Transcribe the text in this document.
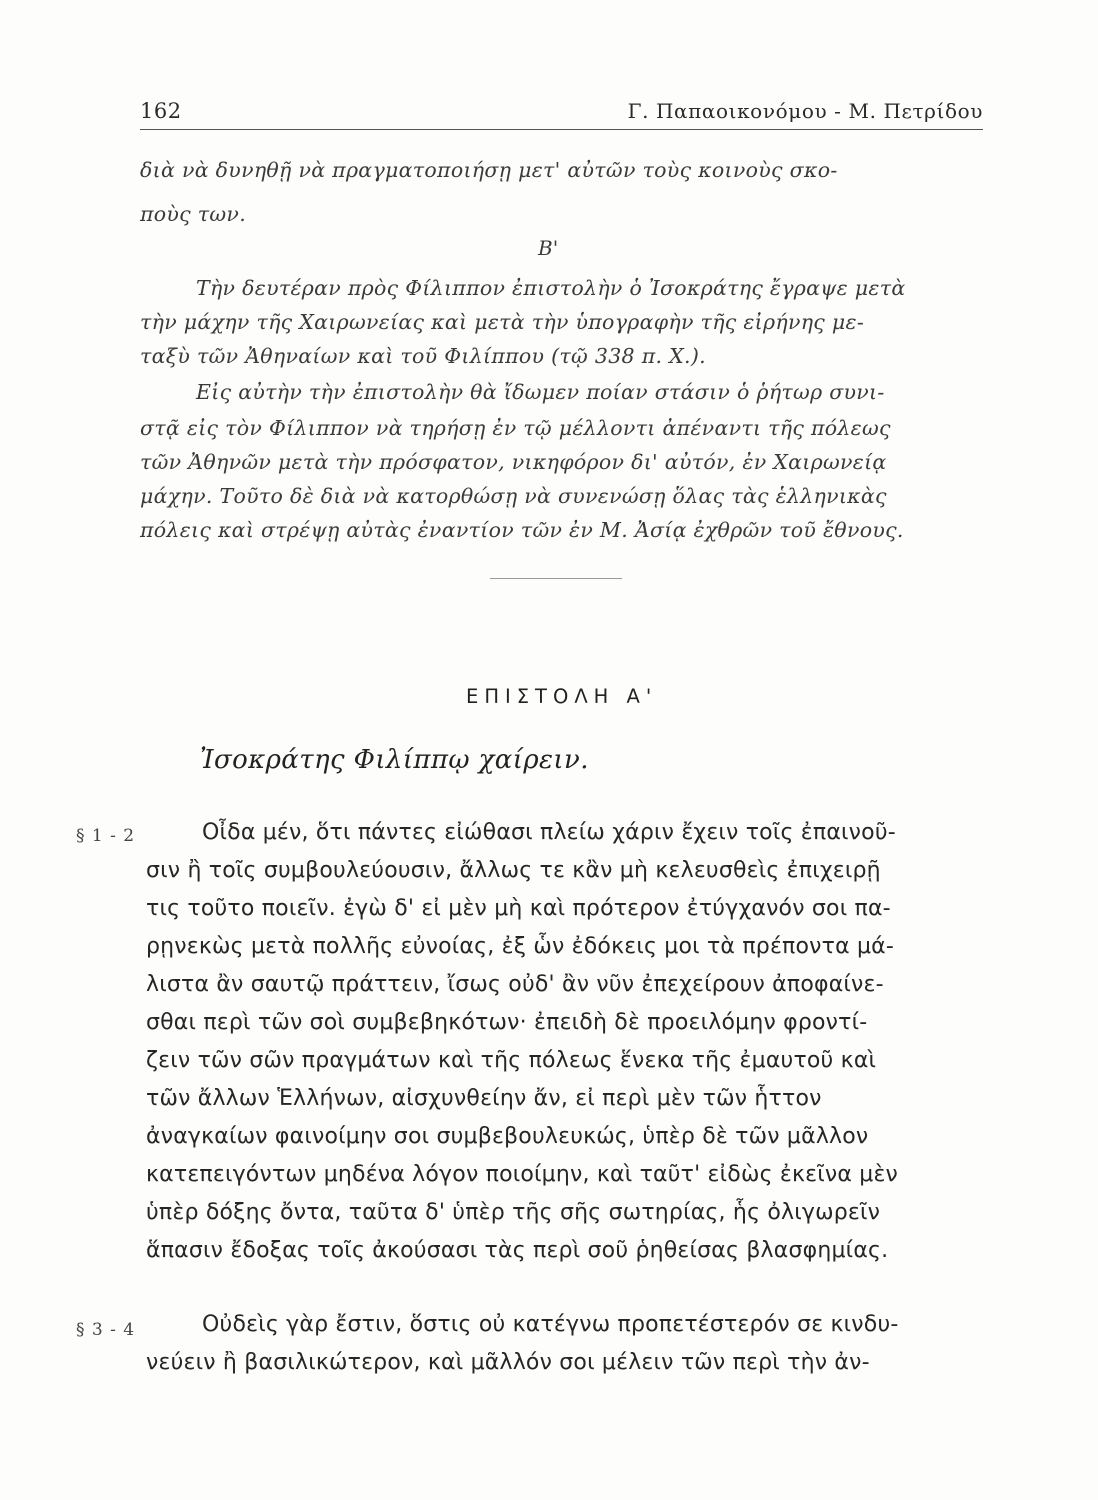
162	Γ. Παπαοικονόμου - Μ. Πετρίδου
διὰ νὰ δυνηθῇ νὰ πραγματοποιήσῃ μετ' αὐτῶν τοὺς κοινοὺς σκο-
ποὺς των.
Β'
Τὴν δευτέραν πρὸς Φίλιππον ἐπιστολὴν ὁ Ἰσοκράτης ἔγραψε μετὰ
τὴν μάχην τῆς Χαιρωνείας καὶ μετὰ τὴν ὑπογραφὴν τῆς εἰρήνης με-
ταξὺ τῶν Ἀθηναίων καὶ τοῦ Φιλίππου (τῷ 338 π. Χ.).
Εἰς αὐτὴν τὴν ἐπιστολὴν θὰ ἴδωμεν ποίαν στάσιν ὁ ῥήτωρ συνι-
στᾷ εἰς τὸν Φίλιππον νὰ τηρήσῃ ἐν τῷ μέλλοντι ἀπέναντι τῆς πόλεως
τῶν Ἀθηνῶν μετὰ τὴν πρόσφατον, νικηφόρον δι' αὐτόν, ἐν Χαιρωνείᾳ
μάχην. Τοῦτο δὲ διὰ νὰ κατορθώσῃ νὰ συνενώσῃ ὅλας τὰς ἑλληνικὰς
πόλεις καὶ στρέψῃ αὐτὰς ἐναντίον τῶν ἐν Μ. Ἀσίᾳ ἐχθρῶν τοῦ ἔθνους.
ΕΠΙΣΤΟΛΗ Α'
Ἰσοκράτης Φιλίππῳ χαίρειν.
§ 1 - 2
§ 3 - 4
Οἶδα μέν, ὅτι πάντες εἰώθασι πλείω χάριν ἔχειν τοῖς ἐπαινοῦ-
σιν ἢ τοῖς συμβουλεύουσιν, ἄλλως τε κἂν μὴ κελευσθεὶς ἐπιχειρῇ
τις τοῦτο ποιεῖν. ἐγὼ δ' εἰ μὲν μὴ καὶ πρότερον ἐτύγχανόν σοι πα-
ρῃνεκὼς μετὰ πολλῆς εὐνοίας, ἐξ ὧν ἐδόκεις μοι τὰ πρέποντα μά-
λιστα ἂν σαυτῷ πράττειν, ἴσως οὐδ' ἂν νῦν ἐπεχείρουν ἀποφαίνε-
σθαι περὶ τῶν σοὶ συμβεβηκότων· ἐπειδὴ δὲ προειλόμην φροντί-
ζειν τῶν σῶν πραγμάτων καὶ τῆς πόλεως ἕνεκα τῆς ἐμαυτοῦ καὶ
τῶν ἄλλων Ἑλλήνων, αἰσχυνθείην ἄν, εἰ περὶ μὲν τῶν ἧττον
ἀναγκαίων φαινοίμην σοι συμβεβουλευκώς, ὑπὲρ δὲ τῶν μᾶλλον
κατεπειγόντων μηδένα λόγον ποιοίμην, καὶ ταῦτ' εἰδὼς ἐκεῖνα μὲν
ὑπὲρ δόξης ὄντα, ταῦτα δ' ὑπὲρ τῆς σῆς σωτηρίας, ἧς ὀλιγωρεῖν
ἅπασιν ἔδοξας τοῖς ἀκούσασι τὰς περὶ σοῦ ῥηθείσας βλασφημίας.
Οὐδεὶς γὰρ ἔστιν, ὅστις οὐ κατέγνω προπετέστερόν σε κινδυ-
νεύειν ἢ βασιλικώτερον, καὶ μᾶλλόν σοι μέλειν τῶν περὶ τὴν ἀν-
